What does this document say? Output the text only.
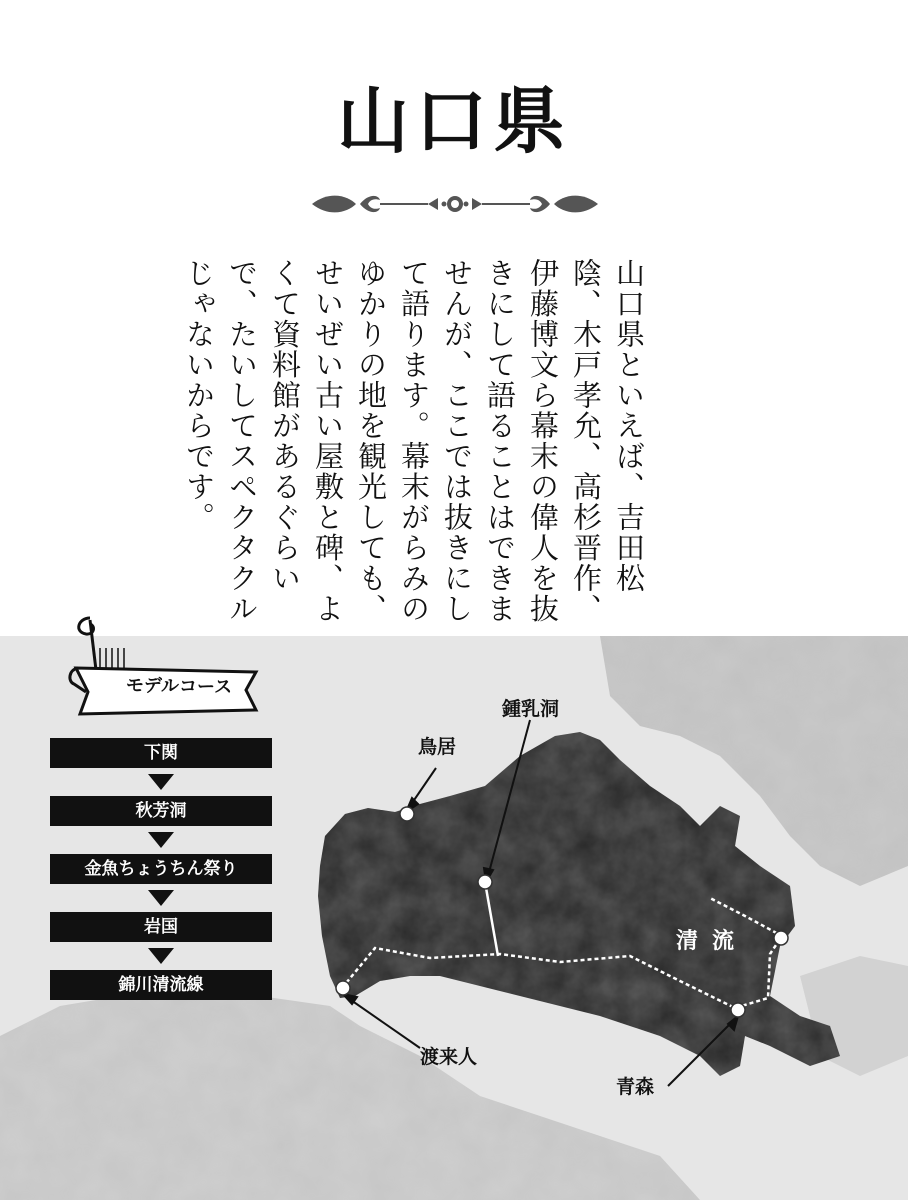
山口県
山口県といえば、吉田松陰、木戸孝允、高杉晋作、伊藤博文ら幕末の偉人を抜きにして語ることはできませんが、ここでは抜きにして語ります。幕末がらみのゆかりの地を観光しても、せいぜい古い屋敷と碑、よくて資料館があるぐらいで、たいしてスペクタクルじゃないからです。
鳥居
鍾乳洞
清流
渡来人
青森
モデルコース
下関
秋芳洞
金魚ちょうちん祭り
岩国
錦川清流線
